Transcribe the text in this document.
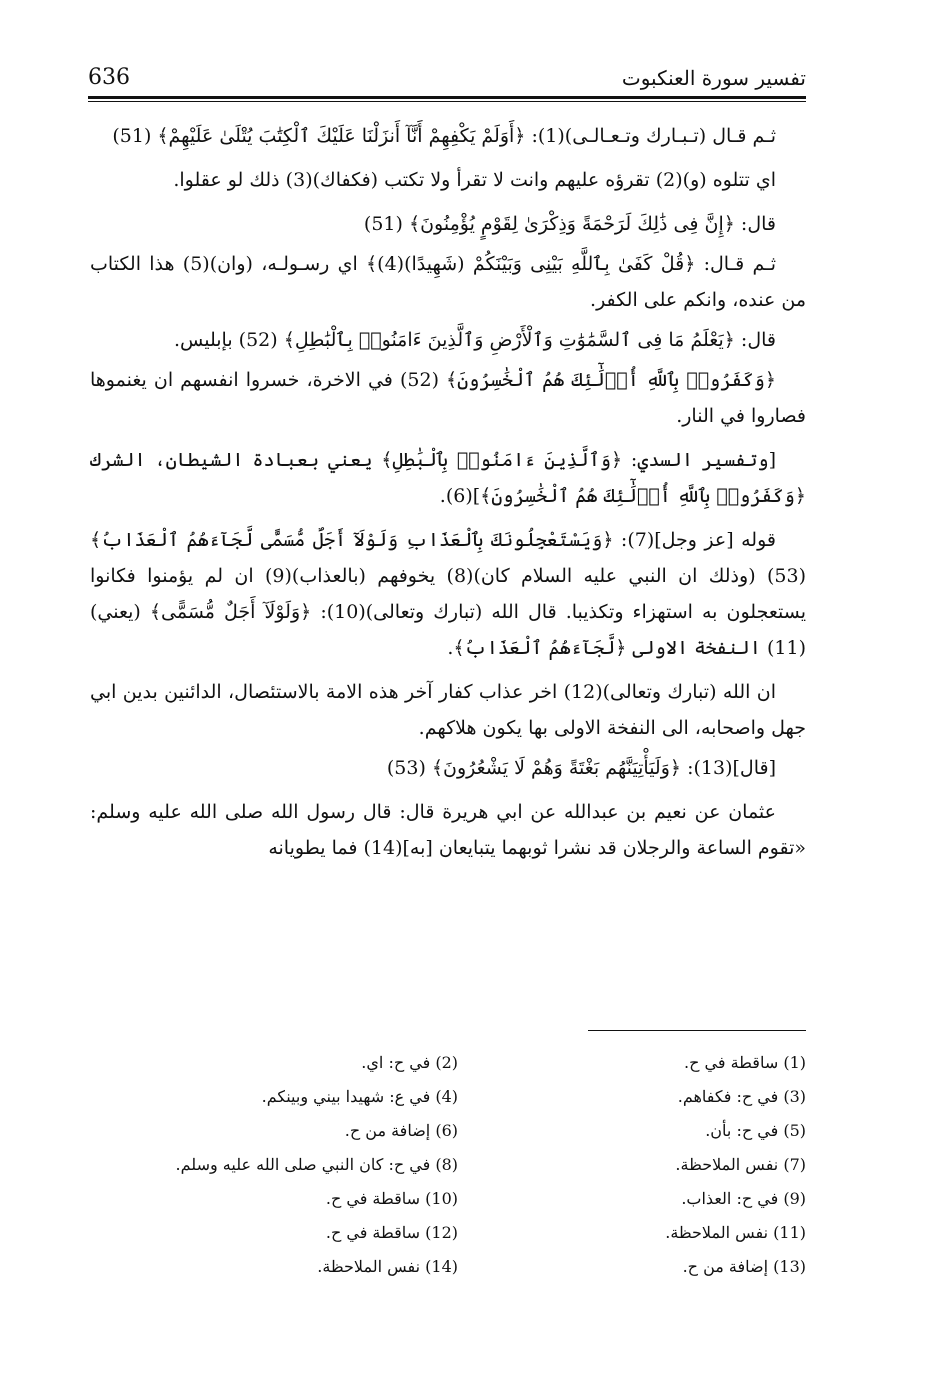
636	تفسير سورة العنكبوت

ثـم قـال (تـبـارك وتـعـالـى)(1): ﴿أَوَلَمْ يَكْفِهِمْ أَنَّآ أَنزَلْنَا عَلَيْكَ ٱلْكِتَٰبَ يُتْلَىٰ عَلَيْهِمْ﴾ (51)

اي تتلوه (و)(2) تقرؤه عليهم وانت لا تقرأ ولا تكتب (فكفاك)(3) ذلك لو عقلوا.

قال: ﴿إِنَّ فِى ذَٰلِكَ لَرَحْمَةً وَذِكْرَىٰ لِقَوْمٍ يُؤْمِنُونَ﴾ (51)

ثـم قـال: ﴿قُلْ كَفَىٰ بِٱللَّهِ بَيْنِى وَبَيْنَكُمْ (شَهِيدًا)(4)﴾ اي رسـولـه، (وان)(5) هذا الكتاب من عنده، وانكم على الكفر.

قال: ﴿يَعْلَمُ مَا فِى ٱلسَّمَٰوَٰتِ وَٱلْأَرْضِ وَٱلَّذِينَ ءَامَنُوا۟ بِٱلْبَٰطِلِ﴾ (52) بإبليس.

﴿وَكَفَرُوا۟ بِٱللَّهِ أُو۟لَٰٓئِكَ هُمُ ٱلْخَٰسِرُونَ﴾ (52) في الاخرة، خسروا انفسهم ان يغنموها فصاروا في النار.

[وتفسير السدي: ﴿وَٱلَّذِينَ ءَامَنُوا۟ بِٱلْبَٰطِلِ﴾ يعني بعبادة الشيطان، الشرك ﴿وَكَفَرُوا۟ بِٱللَّهِ أُو۟لَٰٓئِكَ هُمُ ٱلْخَٰسِرُونَ﴾](6).

قوله [عز وجل](7): ﴿وَيَسْتَعْجِلُونَكَ بِٱلْعَذَابِ وَلَوْلَآ أَجَلٌ مُّسَمًّى لَّجَآءَهُمُ ٱلْعَذَابُ﴾ (53) (وذلك ان النبي عليه السلام كان)(8) يخوفهم (بالعذاب)(9) ان لم يؤمنوا فكانوا يستعجلون به استهزاء وتكذيبا. قال الله (تبارك وتعالى)(10): ﴿وَلَوْلَآ أَجَلٌ مُّسَمًّى﴾ (يعني)(11) النفخة الاولى ﴿لَّجَآءَهُمُ ٱلْعَذَابُ﴾.

ان الله (تبارك وتعالى)(12) اخر عذاب كفار آخر هذه الامة بالاستئصال، الدائنين بدين ابي جهل واصحابه، الى النفخة الاولى بها يكون هلاكهم.

[قال](13): ﴿وَلَيَأْتِيَنَّهُم بَغْتَةً وَهُمْ لَا يَشْعُرُونَ﴾ (53)

عثمان عن نعيم بن عبدالله عن ابي هريرة قال: قال رسول الله صلى الله عليه وسلم: «تقوم الساعة والرجلان قد نشرا ثوبهما يتبايعان [به](14) فما يطويانه

(1) ساقطة في ح.
(3) في ح: فكفاهم.
(5) في ح: بأن.
(7) نفس الملاحظة.
(9) في ح: العذاب.
(11) نفس الملاحظة.
(13) إضافة من ح.
(2) في ح: اي.
(4) في ع: شهيدا بيني وبينكم.
(6) إضافة من ح.
(8) في ح: كان النبي صلى الله عليه وسلم.
(10) ساقطة في ح.
(12) ساقطة في ح.
(14) نفس الملاحظة.
